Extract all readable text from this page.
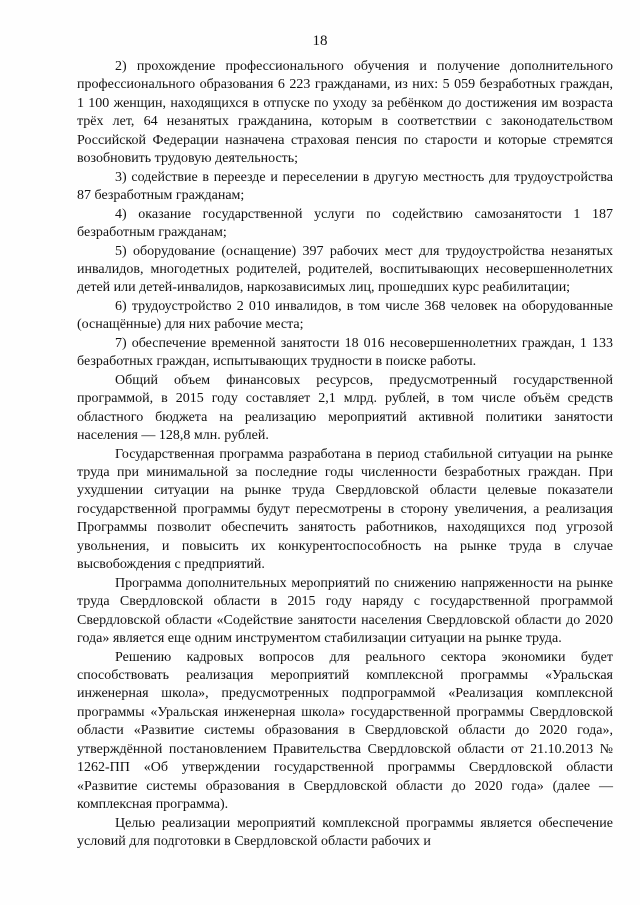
18

2) прохождение профессионального обучения и получение дополнительного профессионального образования 6 223 гражданами, из них: 5 059 безработных граждан, 1 100 женщин, находящихся в отпуске по уходу за ребёнком до достижения им возраста трёх лет, 64 незанятых гражданина, которым в соответствии с законодательством Российской Федерации назначена страховая пенсия по старости и которые стремятся возобновить трудовую деятельность;

3) содействие в переезде и переселении в другую местность для трудоустройства 87 безработным гражданам;

4) оказание государственной услуги по содействию самозанятости 1 187 безработным гражданам;

5) оборудование (оснащение) 397 рабочих мест для трудоустройства незанятых инвалидов, многодетных родителей, родителей, воспитывающих несовершеннолетних детей или детей-инвалидов, наркозависимых лиц, прошедших курс реабилитации;

6) трудоустройство 2 010 инвалидов, в том числе 368 человек на оборудованные (оснащённые) для них рабочие места;

7) обеспечение временной занятости 18 016 несовершеннолетних граждан, 1 133 безработных граждан, испытывающих трудности в поиске работы.

Общий объем финансовых ресурсов, предусмотренный государственной программой, в 2015 году составляет 2,1 млрд. рублей, в том числе объём средств областного бюджета на реализацию мероприятий активной политики занятости населения — 128,8 млн. рублей.

Государственная программа разработана в период стабильной ситуации на рынке труда при минимальной за последние годы численности безработных граждан. При ухудшении ситуации на рынке труда Свердловской области целевые показатели государственной программы будут пересмотрены в сторону увеличения, а реализация Программы позволит обеспечить занятость работников, находящихся под угрозой увольнения, и повысить их конкурентоспособность на рынке труда в случае высвобождения с предприятий.

Программа дополнительных мероприятий по снижению напряженности на рынке труда Свердловской области в 2015 году наряду с государственной программой Свердловской области «Содействие занятости населения Свердловской области до 2020 года» является еще одним инструментом стабилизации ситуации на рынке труда.

Решению кадровых вопросов для реального сектора экономики будет способствовать реализация мероприятий комплексной программы «Уральская инженерная школа», предусмотренных подпрограммой «Реализация комплексной программы «Уральская инженерная школа» государственной программы Свердловской области «Развитие системы образования в Свердловской области до 2020 года», утверждённой постановлением Правительства Свердловской области от 21.10.2013 № 1262-ПП «Об утверждении государственной программы Свердловской области «Развитие системы образования в Свердловской области до 2020 года» (далее — комплексная программа).

Целью реализации мероприятий комплексной программы является обеспечение условий для подготовки в Свердловской области рабочих и
